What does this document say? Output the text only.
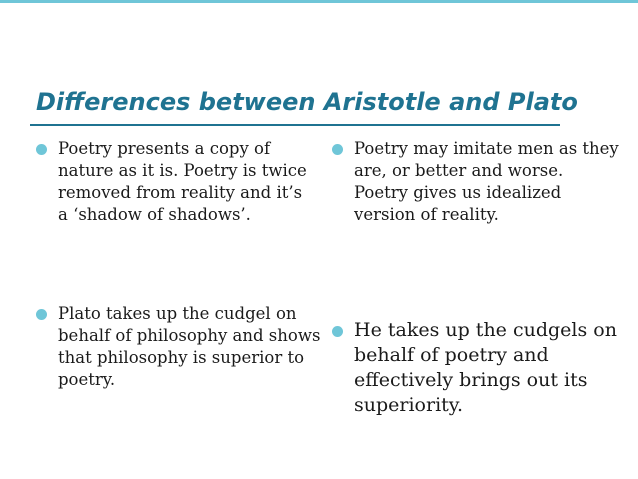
Differences between Aristotle and Plato
Poetry presents a copy of nature as it is. Poetry is twice removed from reality and it’s a ‘shadow of shadows’.
Plato takes up the cudgel on behalf of philosophy and shows that philosophy is superior to poetry.
Poetry may imitate men as they are, or better and worse. Poetry gives us idealized version of reality.
He takes up the cudgels on behalf of poetry and effectively brings out its superiority.
